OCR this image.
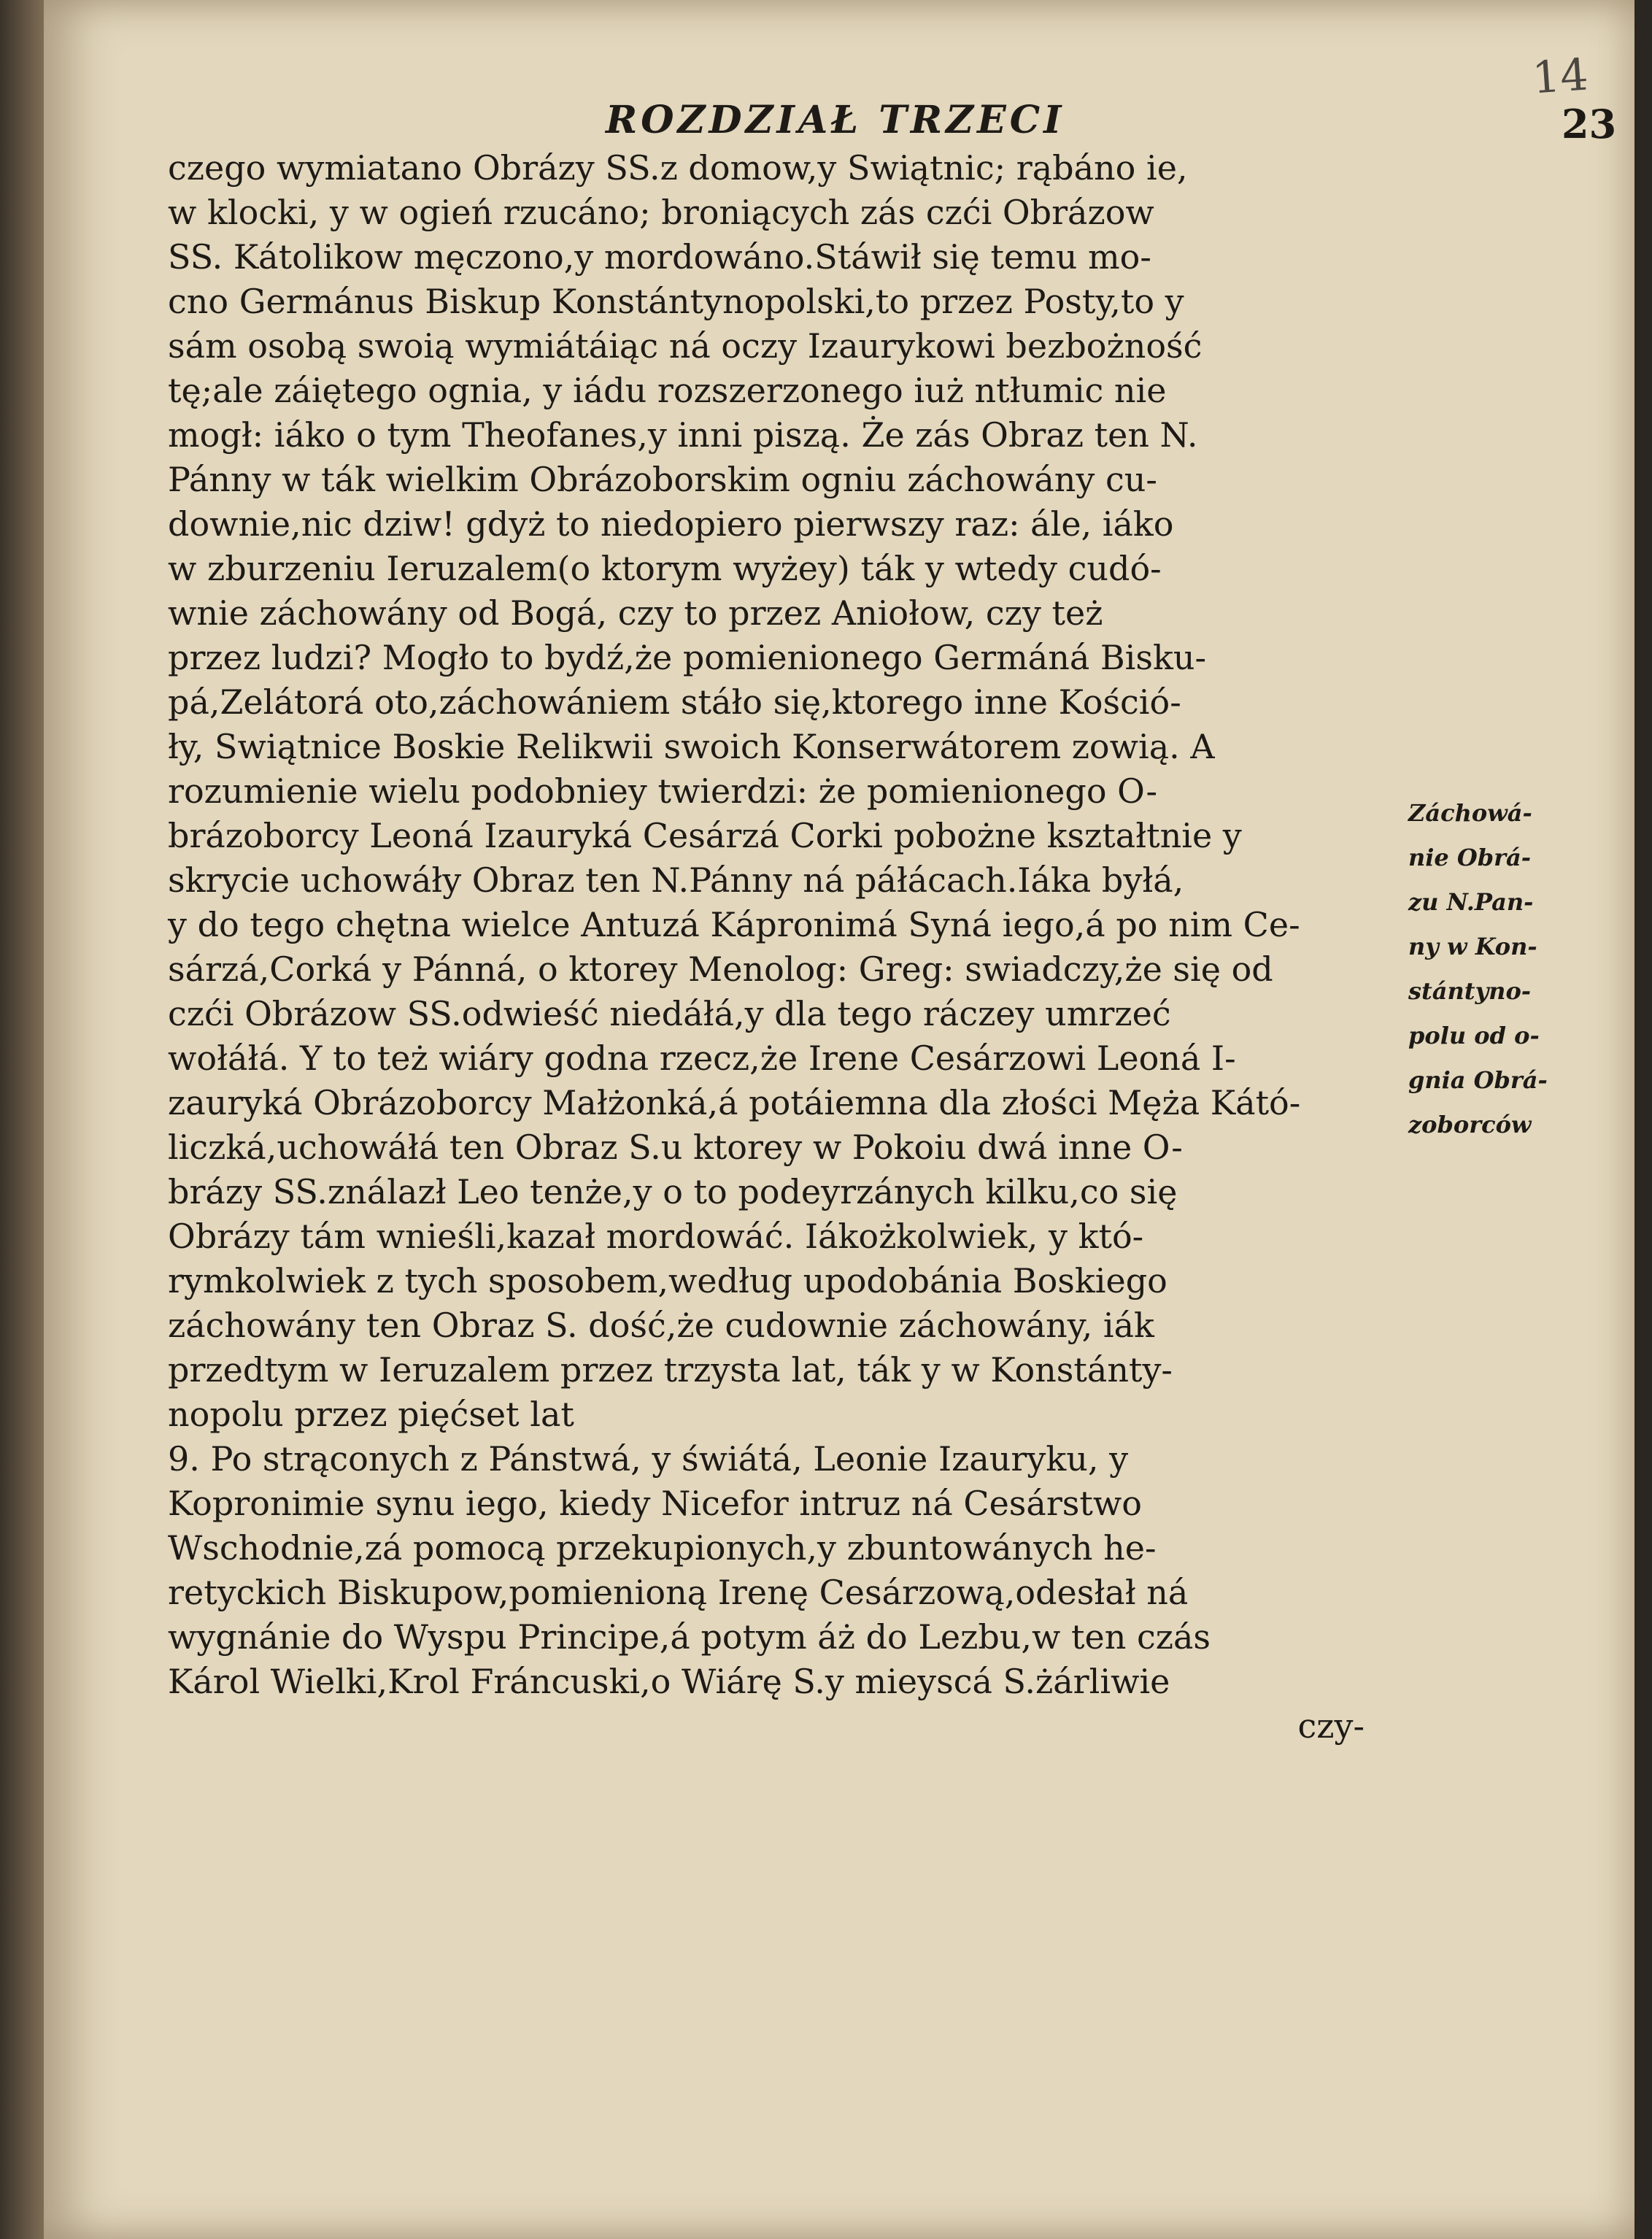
14
ROZDZIAŁ TRZECI	23
czego wymiatano Obrázy SS.z domow,y Swiątnic; rąbáno ie,
w klocki, y w ogień rzucáno; broniących zás czći Obrázow
SS. Kátolikow męczono,y mordowáno.Stáwił się temu mo-
cno Germánus Biskup Konstántynopolski,to przez Posty,to y
sám osobą swoią wymiátáiąc ná oczy Izaurykowi bezbożność
tę;ale záiętego ognia, y iádu rozszerzonego iuż ntłumic nie
mogł: iáko o tym Theofanes,y inni piszą. Że zás Obraz ten N.
Pánny w ták wielkim Obrázoborskim ogniu záchowány cu-
downie,nic dziw! gdyż to niedopiero pierwszy raz: ále, iáko
w zburzeniu Ieruzalem(o ktorym wyżey) ták y wtedy cudó-
wnie záchowány od Bogá, czy to przez Aniołow, czy też
przez ludzi? Mogło to bydź,że pomienionego Germáná Bisku-
pá,Zelátorá oto,záchowániem stáło się,ktorego inne Kośció-
ły, Swiątnice Boskie Relikwii swoich Konserwátorem zowią. A
rozumienie wielu podobniey twierdzi: że pomienionego O-
brázoborcy Leoná Izauryká Cesárzá Corki pobożne kształtnie y
skrycie uchowáły Obraz ten N.Pánny ná páłácach.Iáka byłá,
y do tego chętna wielce Antuzá Kápronimá Syná iego,á po nim Ce-
sárzá,Corká y Pánná, o ktorey Menolog: Greg: swiadczy,że się od
czći Obrázow SS.odwieść niedáłá,y dla tego ráczey umrzeć
wołáłá. Y to też wiáry godna rzecz,że Irene Cesárzowi Leoná I-
zauryká Obrázoborcy Małżonká,á potáiemna dla złości Męża Kátó-
liczká,uchowáłá ten Obraz S.u ktorey w Pokoiu dwá inne O-
brázy SS.ználazł Leo tenże,y o to podeyrzánych kilku,co się
Obrázy tám wnieśli,kazał mordowáć. Iákożkolwiek, y któ-
rymkolwiek z tych sposobem,według upodobánia Boskiego
záchowány ten Obraz S. dość,że cudownie záchowány, iák
przedtym w Ieruzalem przez trzysta lat, ták y w Konstánty-
nopolu przez pięćset lat
9. Po strąconych z Pánstwá, y świátá, Leonie Izauryku, y
Kopronimie synu iego, kiedy Nicefor intruz ná Cesárstwo
Wschodnie,zá pomocą przekupionych,y zbuntowánych he-
retyckich Biskupow,pomienioną Irenę Cesárzową,odesłał ná
wygnánie do Wyspu Principe,á potym áż do Lezbu,w ten czás
Károl Wielki,Krol Fráncuski,o Wiárę S.y mieyscá S.żárliwie
czy-
Záchowá-
nie Obrá-
zu N.Pan-
ny w Kon-
stántyno-
polu od o-
gnia Obrá-
zoborców
